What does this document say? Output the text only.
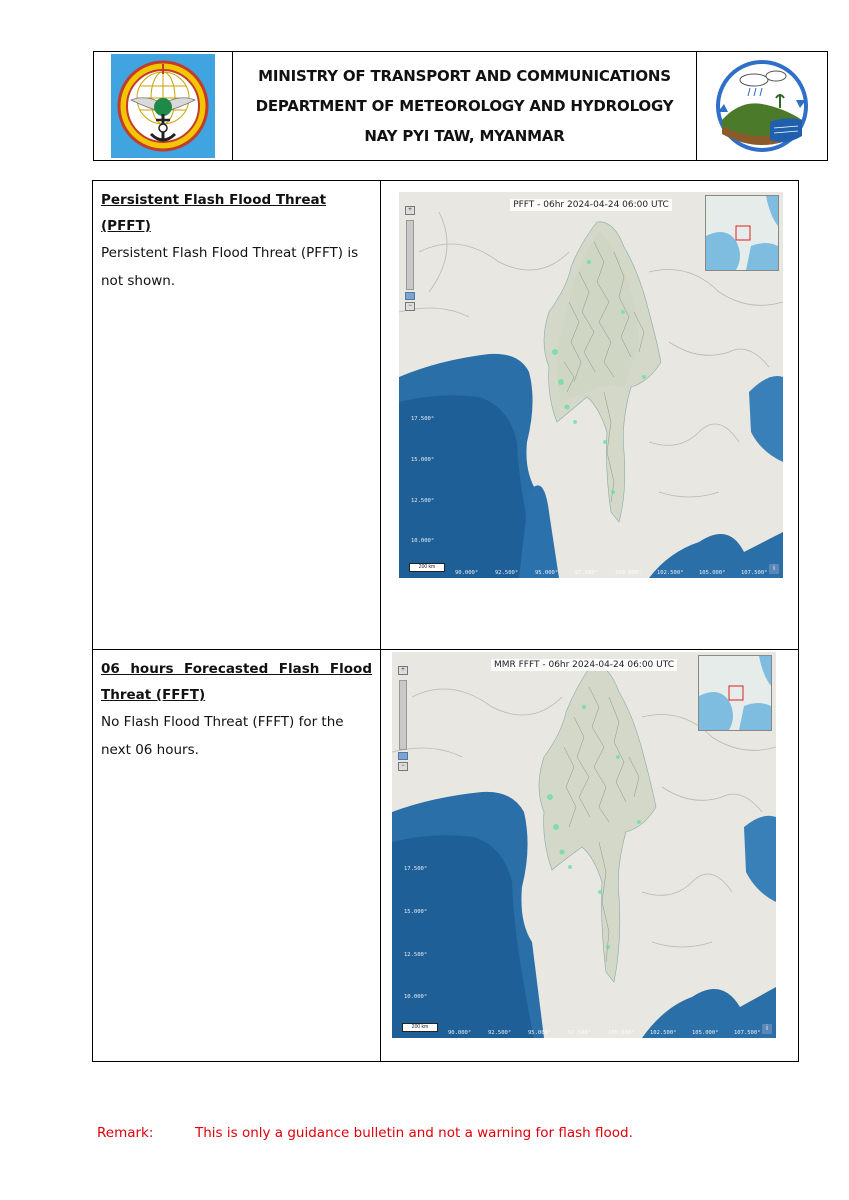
MINISTRY OF TRANSPORT AND COMMUNICATIONS
DEPARTMENT OF METEOROLOGY AND HYDROLOGY
NAY PYI TAW, MYANMAR
Persistent Flash Flood Threat (PFFT)
Persistent Flash Flood Threat (PFFT) is not shown.
PFFT - 06hr 2024-04-24 06:00 UTC
+
−
200 km	i
17.500°
15.000°
12.500°
10.000°
90.000°	92.500°	95.000°	97.500°	100.000°	102.500°	105.000°	107.500°
06 hours Forecasted Flash Flood
Threat (FFFT)
No Flash Flood Threat (FFFT) for the next 06 hours.
MMR FFFT - 06hr 2024-04-24 06:00 UTC
+
−
200 km	i
17.500°
15.000°
12.500°
10.000°
90.000°	92.500°	95.000°	97.500°	100.000°	102.500°	105.000°	107.500°
Remark:	This is only a guidance bulletin and not a warning for flash flood.
